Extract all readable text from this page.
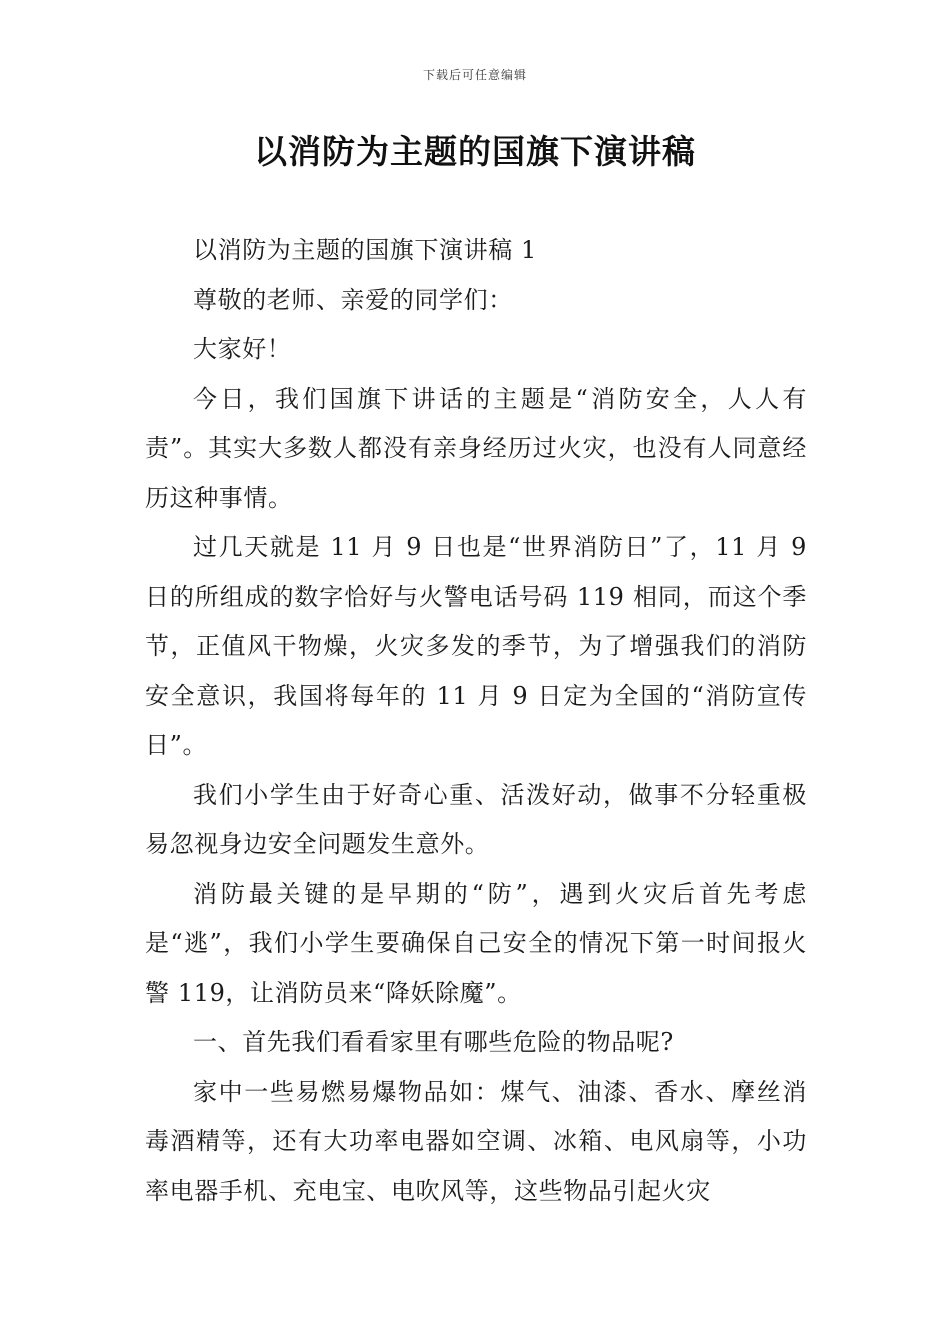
下载后可任意编辑
以消防为主题的国旗下演讲稿

以消防为主题的国旗下演讲稿 1

尊敬的老师、亲爱的同学们：

大家好！

今日，我们国旗下讲话的主题是“消防安全，人人有责”。其实大多数人都没有亲身经历过火灾，也没有人同意经历这种事情。

过几天就是 11 月 9 日也是“世界消防日”了，11 月 9 日的所组成的数字恰好与火警电话号码 119 相同，而这个季节，正值风干物燥，火灾多发的季节，为了增强我们的消防安全意识，我国将每年的 11 月 9 日定为全国的“消防宣传日”。

我们小学生由于好奇心重、活泼好动，做事不分轻重极易忽视身边安全问题发生意外。

消防最关键的是早期的“防”，遇到火灾后首先考虑是“逃”，我们小学生要确保自己安全的情况下第一时间报火警 119，让消防员来“降妖除魔”。

一、首先我们看看家里有哪些危险的物品呢?

家中一些易燃易爆物品如：煤气、油漆、香水、摩丝消毒酒精等，还有大功率电器如空调、冰箱、电风扇等，小功率电器手机、充电宝、电吹风等，这些物品引起火灾
